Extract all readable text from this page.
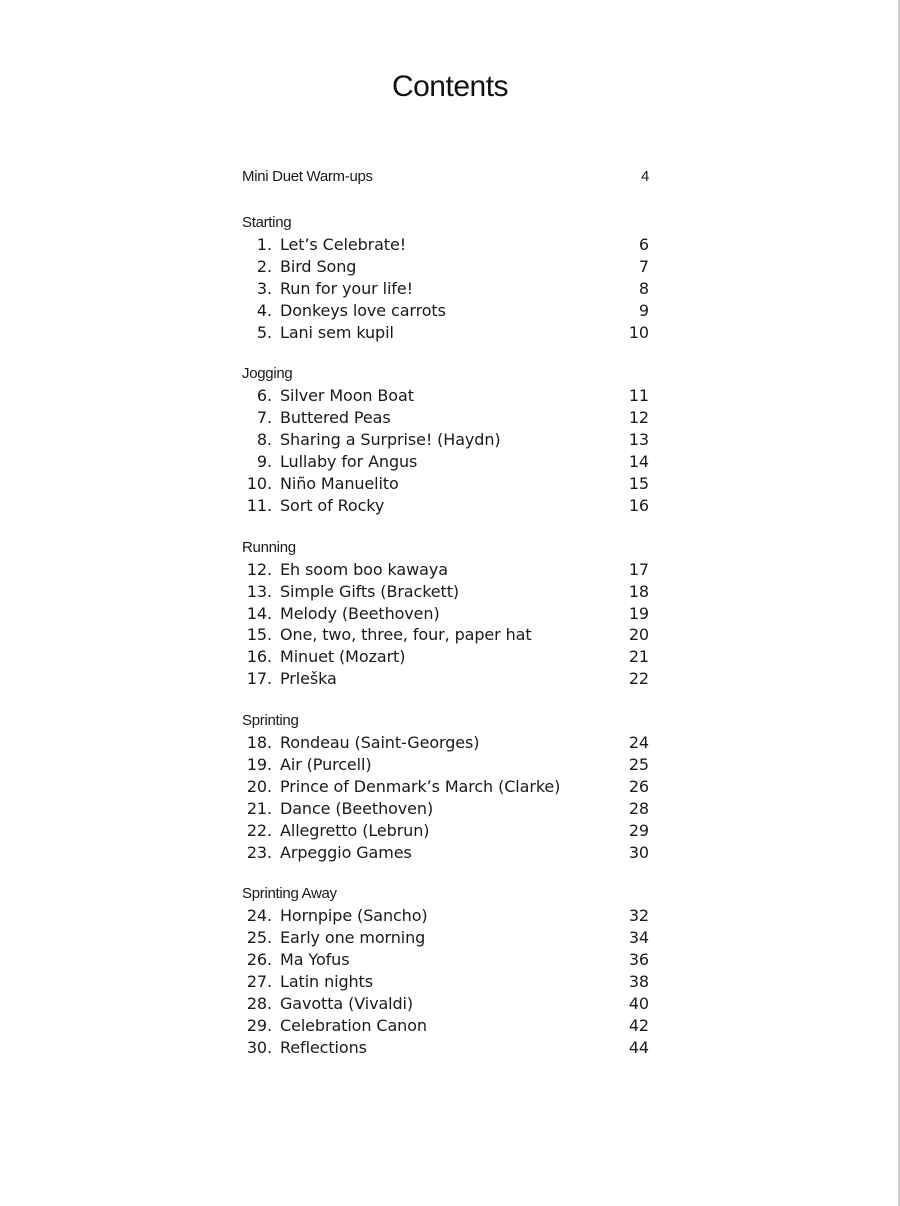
Contents
Mini Duet Warm-ups	4
Starting
1. Let’s Celebrate!	6
2. Bird Song	7
3. Run for your life!	8
4. Donkeys love carrots	9
5. Lani sem kupil	10
Jogging
6. Silver Moon Boat	11
7. Buttered Peas	12
8. Sharing a Surprise! (Haydn)	13
9. Lullaby for Angus	14
10. Niño Manuelito	15
11. Sort of Rocky	16
Running
12. Eh soom boo kawaya	17
13. Simple Gifts (Brackett)	18
14. Melody (Beethoven)	19
15. One, two, three, four, paper hat	20
16. Minuet (Mozart)	21
17. Prleška	22
Sprinting
18. Rondeau (Saint-Georges)	24
19. Air (Purcell)	25
20. Prince of Denmark’s March (Clarke)	26
21. Dance (Beethoven)	28
22. Allegretto (Lebrun)	29
23. Arpeggio Games	30
Sprinting Away
24. Hornpipe (Sancho)	32
25. Early one morning	34
26. Ma Yofus	36
27. Latin nights	38
28. Gavotta (Vivaldi)	40
29. Celebration Canon	42
30. Reflections	44
